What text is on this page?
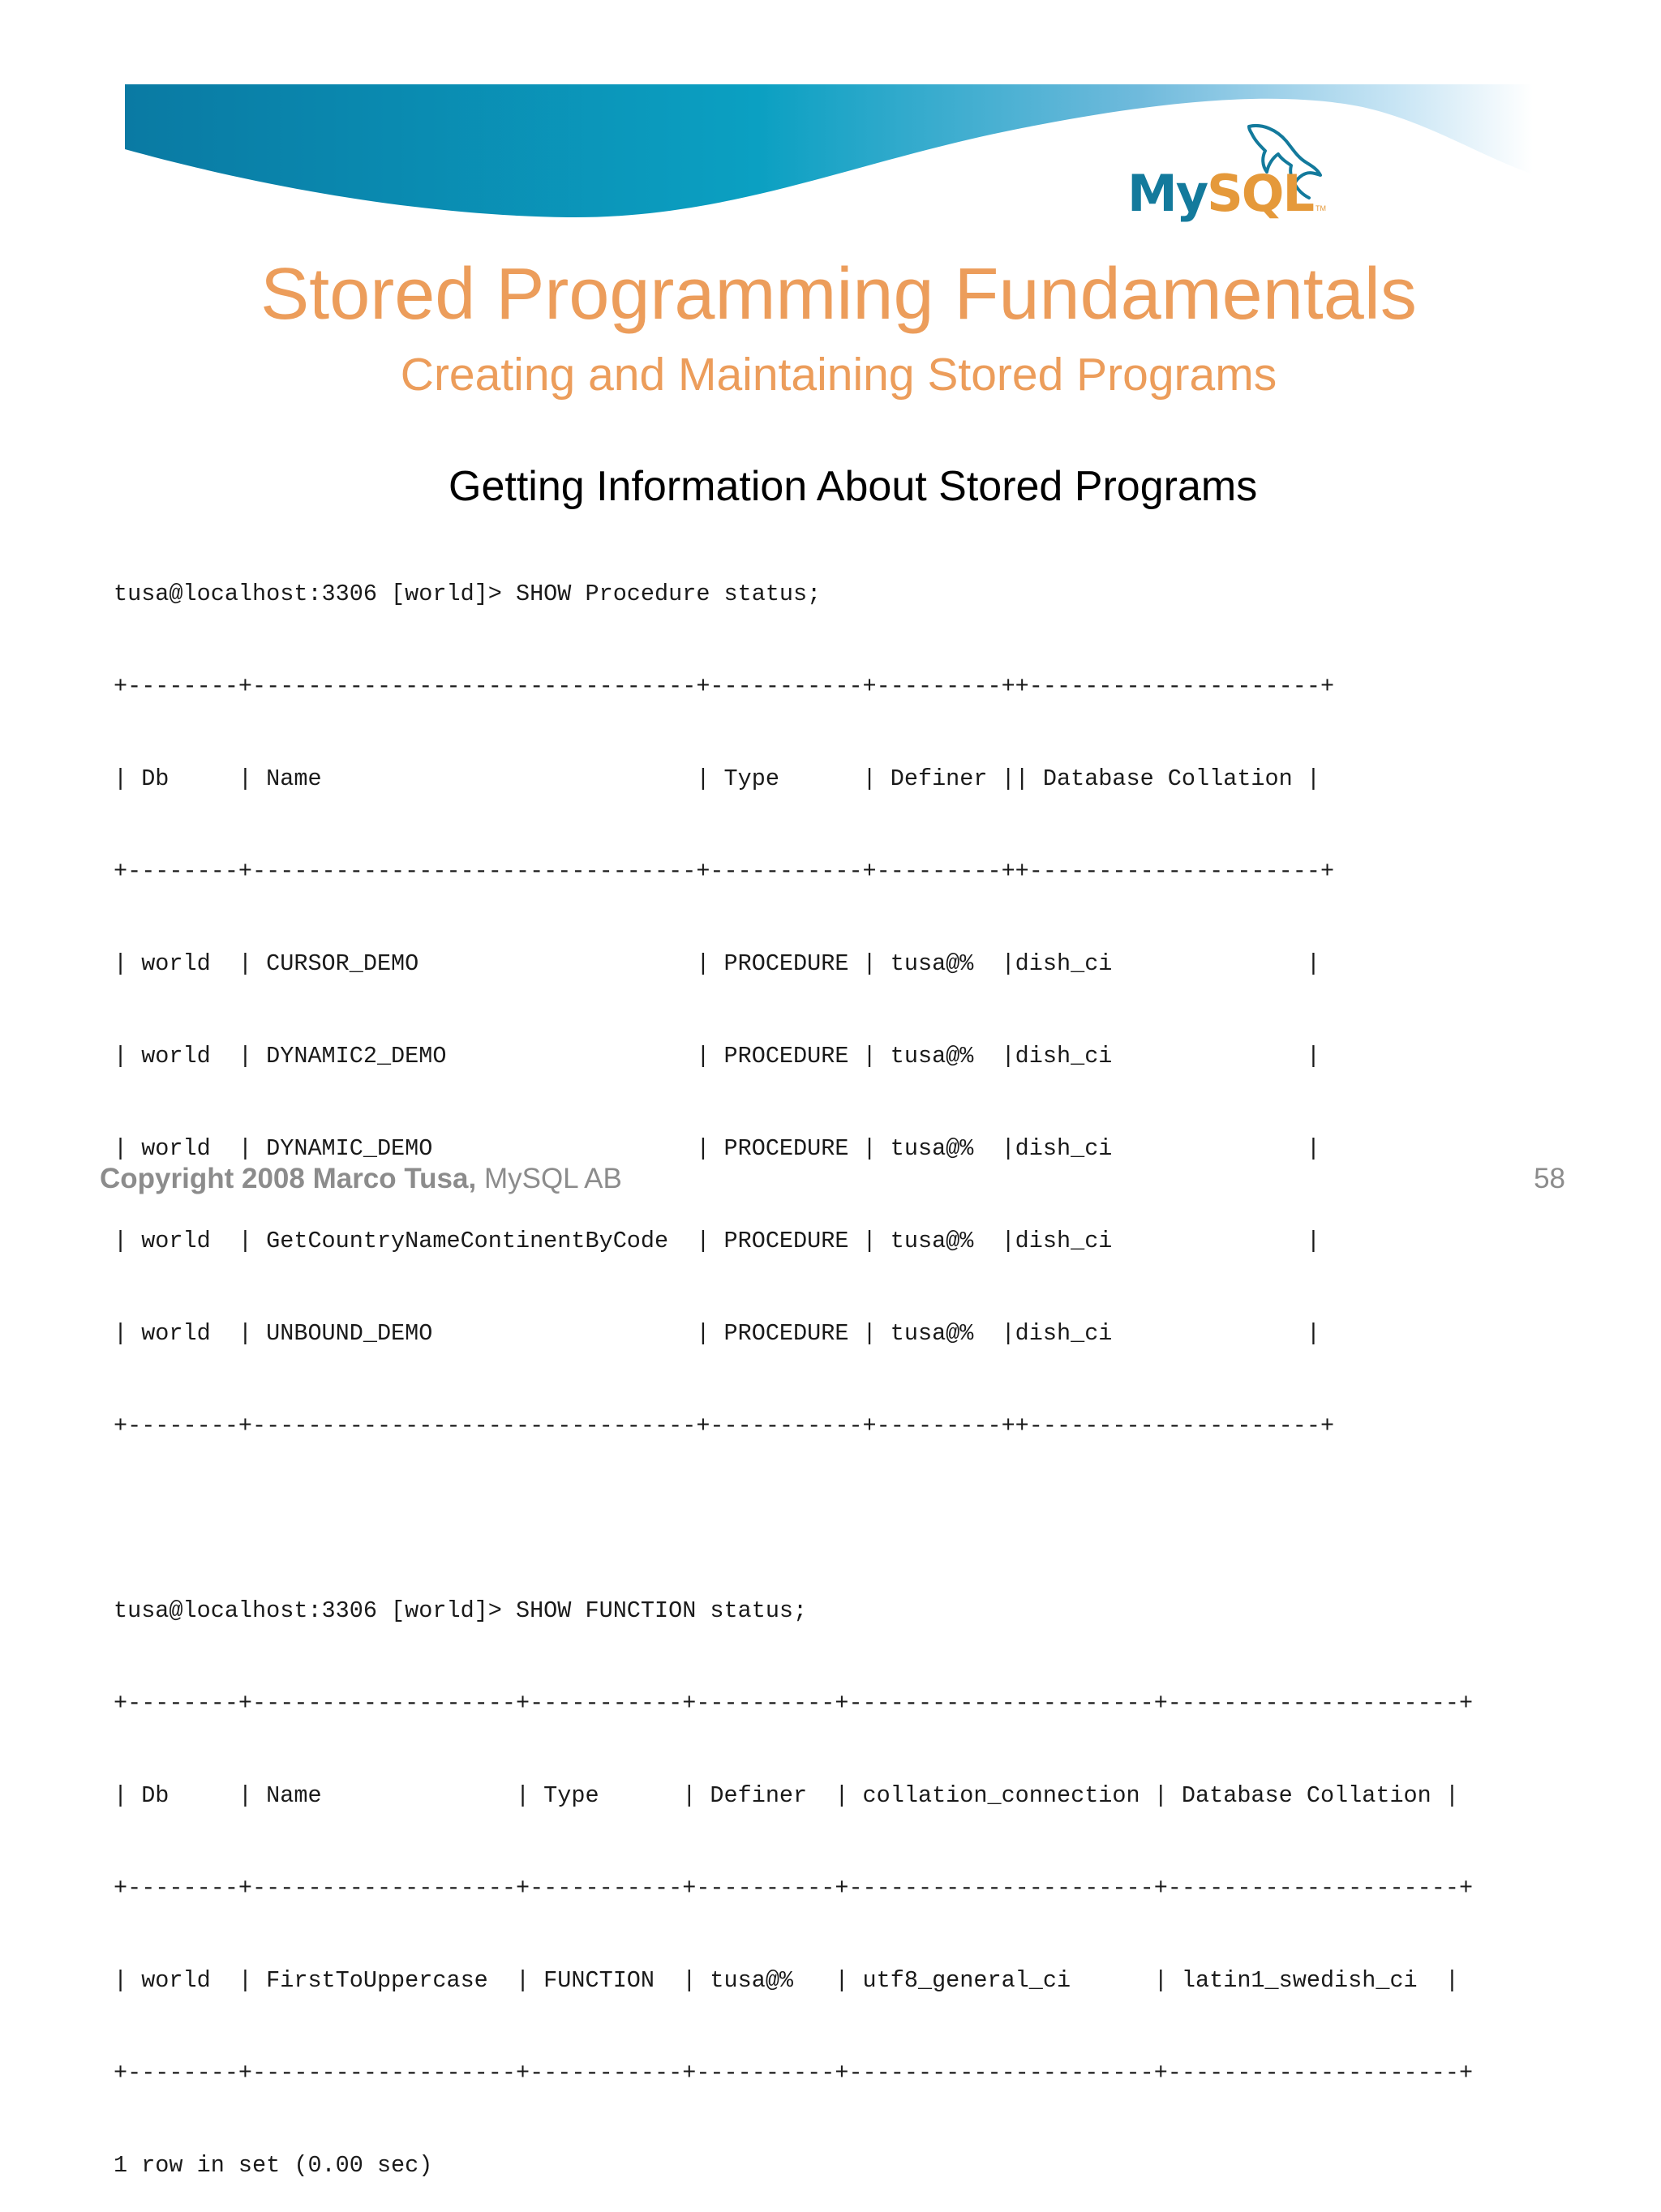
MySQL TM
Stored Programming Fundamentals
Creating and Maintaining Stored Programs
Getting Information About Stored Programs

tusa@localhost:3306 [world]> SHOW Procedure status;

+--------+--------------------------------+-----------+---------++---------------------+

| Db     | Name                           | Type      | Definer || Database Collation |

+--------+--------------------------------+-----------+---------++---------------------+

| world  | CURSOR_DEMO                    | PROCEDURE | tusa@%  |dish_ci              |

| world  | DYNAMIC2_DEMO                  | PROCEDURE | tusa@%  |dish_ci              |

| world  | DYNAMIC_DEMO                   | PROCEDURE | tusa@%  |dish_ci              |

| world  | GetCountryNameContinentByCode  | PROCEDURE | tusa@%  |dish_ci              |

| world  | UNBOUND_DEMO                   | PROCEDURE | tusa@%  |dish_ci              |

+--------+--------------------------------+-----------+---------++---------------------+

tusa@localhost:3306 [world]> SHOW FUNCTION status;

+--------+-------------------+-----------+----------+----------------------+---------------------+

| Db     | Name              | Type      | Definer  | collation_connection | Database Collation |

+--------+-------------------+-----------+----------+----------------------+---------------------+

| world  | FirstToUppercase  | FUNCTION  | tusa@%   | utf8_general_ci      | latin1_swedish_ci  |

+--------+-------------------+-----------+----------+----------------------+---------------------+

1 row in set (0.00 sec)

Copyright 2008 Marco Tusa, MySQL AB	58
